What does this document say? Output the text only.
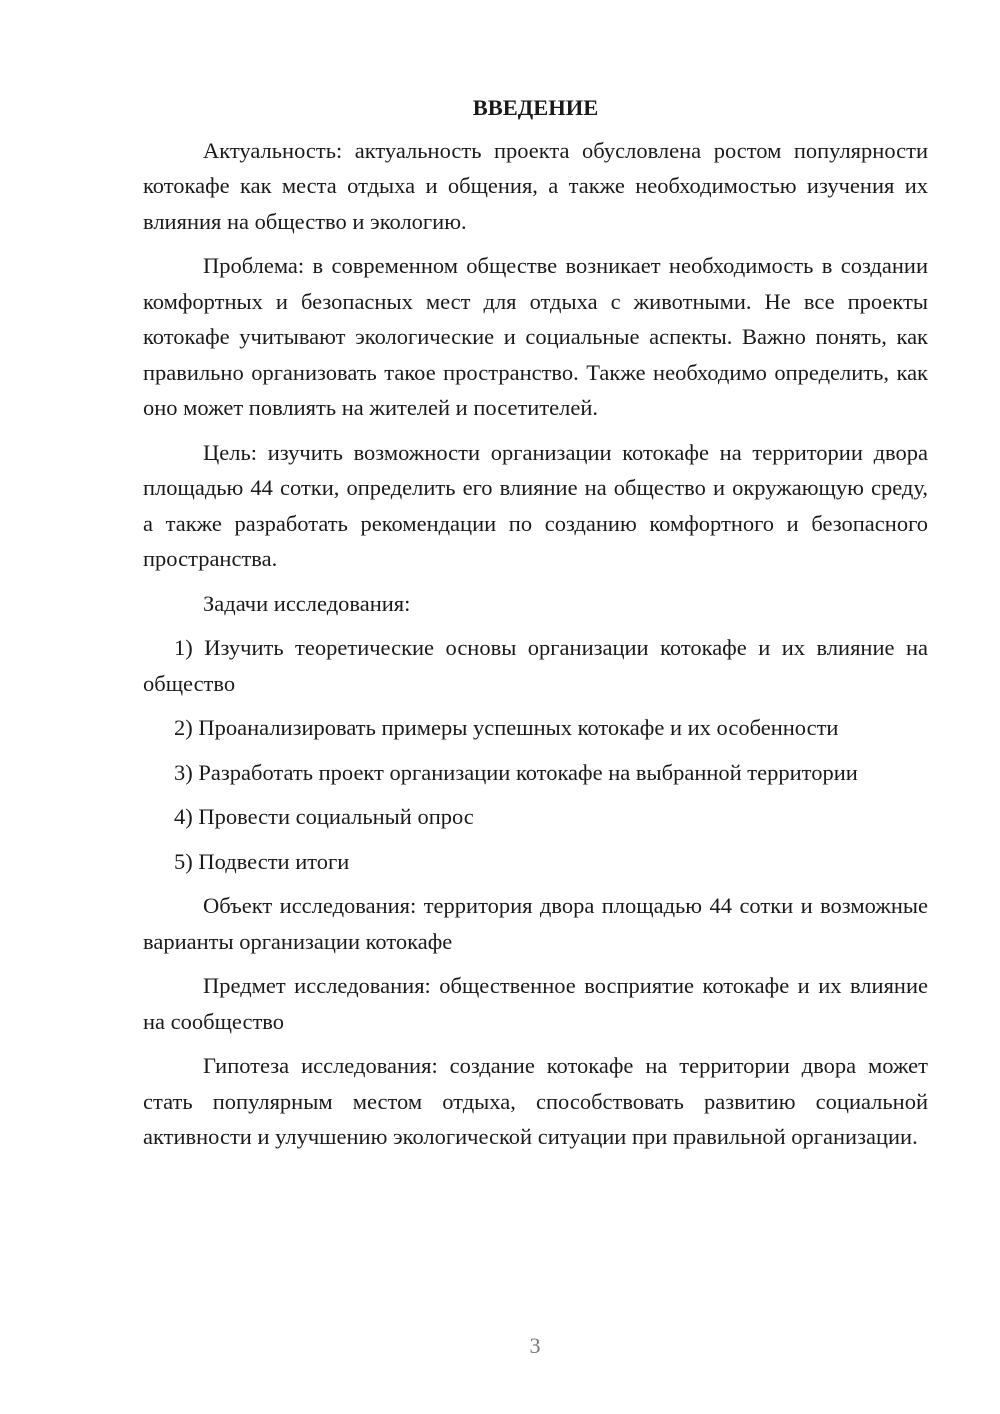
ВВЕДЕНИЕ

Актуальность: актуальность проекта обусловлена ростом популярности котокафе как места отдыха и общения, а также необходимостью изучения их влияния на общество и экологию.

Проблема: в современном обществе возникает необходимость в создании комфортных и безопасных мест для отдыха с животными. Не все проекты котокафе учитывают экологические и социальные аспекты. Важно понять, как правильно организовать такое пространство. Также необходимо определить, как оно может повлиять на жителей и посетителей.

Цель: изучить возможности организации котокафе на территории двора площадью 44 сотки, определить его влияние на общество и окружающую среду, а также разработать рекомендации по созданию комфортного и безопасного пространства.

Задачи исследования:

1) Изучить теоретические основы организации котокафе и их влияние на общество

2) Проанализировать примеры успешных котокафе и их особенности

3) Разработать проект организации котокафе на выбранной территории

4) Провести социальный опрос

5) Подвести итоги

Объект исследования: территория двора площадью 44 сотки и возможные варианты организации котокафе

Предмет исследования: общественное восприятие котокафе и их влияние на сообщество

Гипотеза исследования: создание котокафе на территории двора может стать популярным местом отдыха, способствовать развитию социальной активности и улучшению экологической ситуации при правильной организации.

3
